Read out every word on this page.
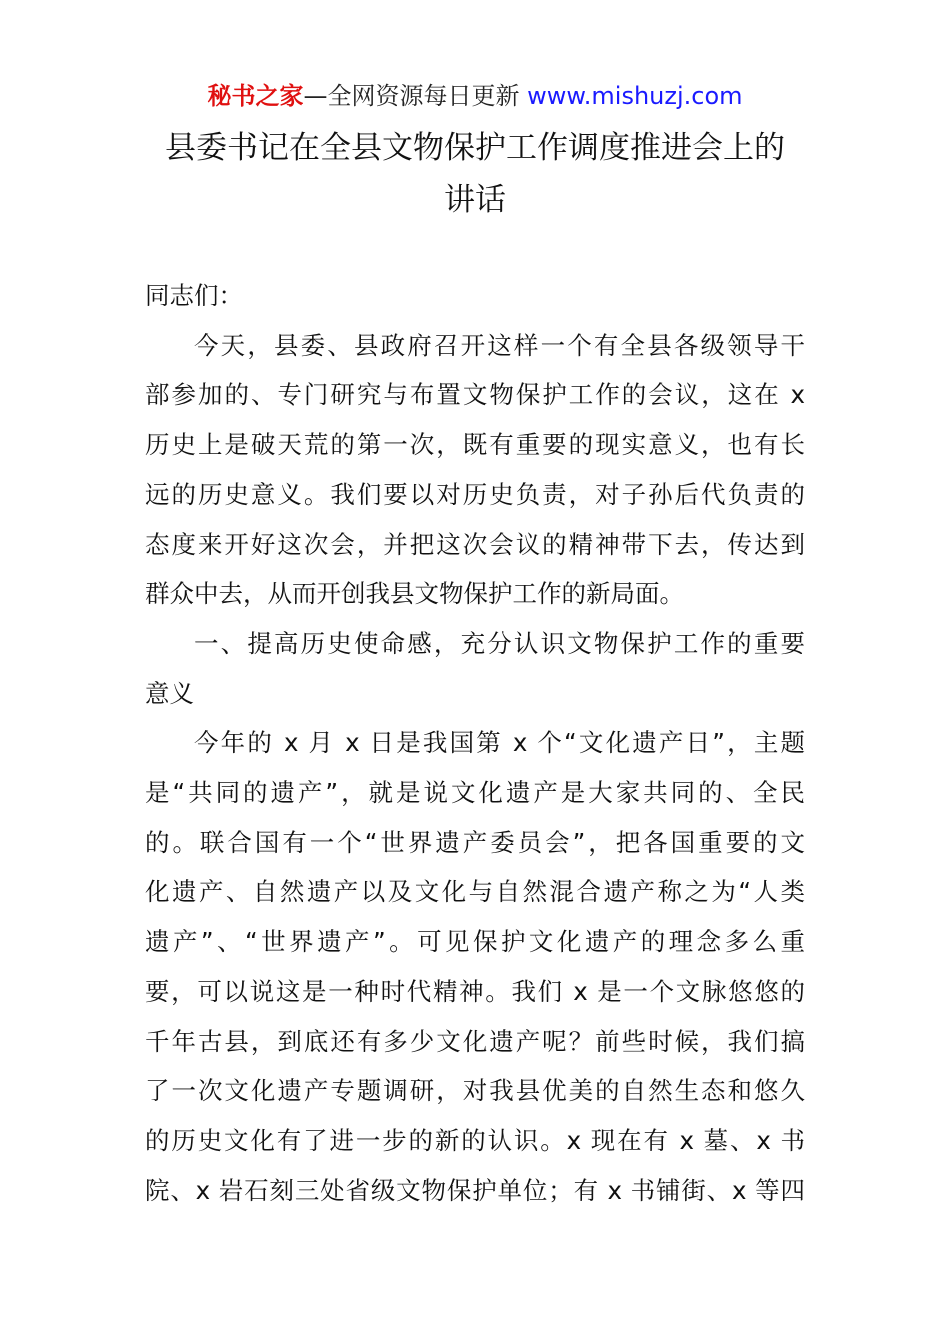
秘书之家—全网资源每日更新 www.mishuzj.com
县委书记在全县文物保护工作调度推进会上的
讲话

同志们：

今天，县委、县政府召开这样一个有全县各级领导干
部参加的、专门研究与布置文物保护工作的会议，这在 x
历史上是破天荒的第一次，既有重要的现实意义，也有长
远的历史意义。我们要以对历史负责，对子孙后代负责的
态度来开好这次会，并把这次会议的精神带下去，传达到
群众中去，从而开创我县文物保护工作的新局面。

一、提高历史使命感，充分认识文物保护工作的重要
意义

今年的 x 月 x 日是我国第 x 个“文化遗产日”，主题
是“共同的遗产”，就是说文化遗产是大家共同的、全民
的。联合国有一个“世界遗产委员会”，把各国重要的文
化遗产、自然遗产以及文化与自然混合遗产称之为“人类
遗产”、“世界遗产”。可见保护文化遗产的理念多么重
要，可以说这是一种时代精神。我们 x 是一个文脉悠悠的
千年古县，到底还有多少文化遗产呢？前些时候，我们搞
了一次文化遗产专题调研，对我县优美的自然生态和悠久
的历史文化有了进一步的新的认识。x 现在有 x 墓、x 书
院、x 岩石刻三处省级文物保护单位；有 x 书铺街、x 等四
